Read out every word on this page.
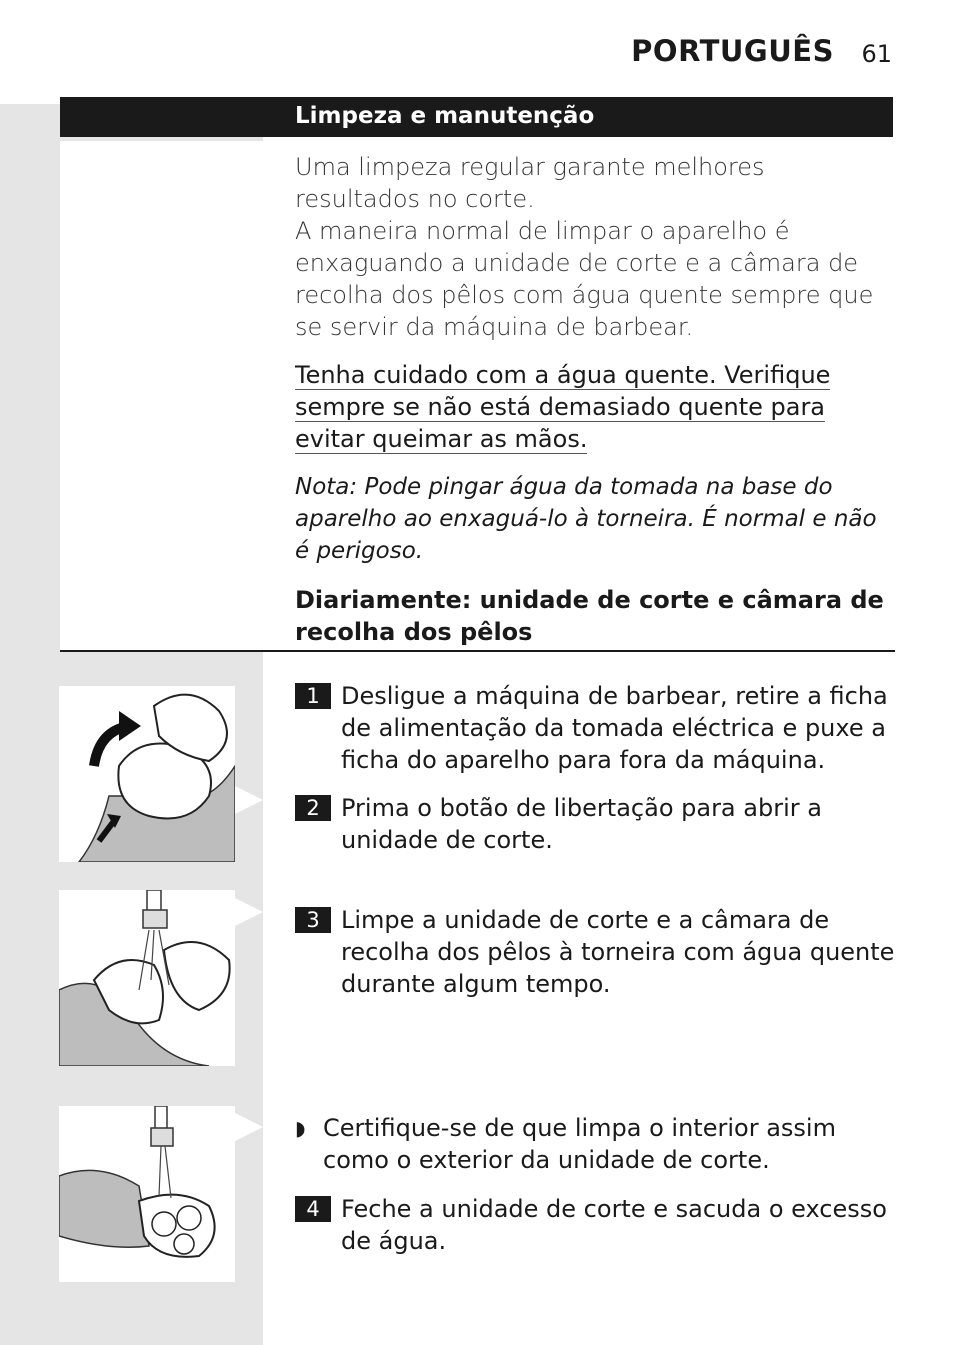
PORTUGUÊS 61
Limpeza e manutenção
Uma limpeza regular garante melhores resultados no corte.
A maneira normal de limpar o aparelho é enxaguando a unidade de corte e a câmara de recolha dos pêlos com água quente sempre que se servir da máquina de barbear.
Tenha cuidado com a água quente. Verifique sempre se não está demasiado quente para evitar queimar as mãos.
Nota: Pode pingar água da tomada na base do aparelho ao enxaguá-lo à torneira. É normal e não é perigoso.
Diariamente: unidade de corte e câmara de recolha dos pêlos
1 Desligue a máquina de barbear, retire a ficha de alimentação da tomada eléctrica e puxe a ficha do aparelho para fora da máquina.
2 Prima o botão de libertação para abrir a unidade de corte.
3 Limpe a unidade de corte e a câmara de recolha dos pêlos à torneira com água quente durante algum tempo.
◗ Certifique-se de que limpa o interior assim como o exterior da unidade de corte.
4 Feche a unidade de corte e sacuda o excesso de água.
